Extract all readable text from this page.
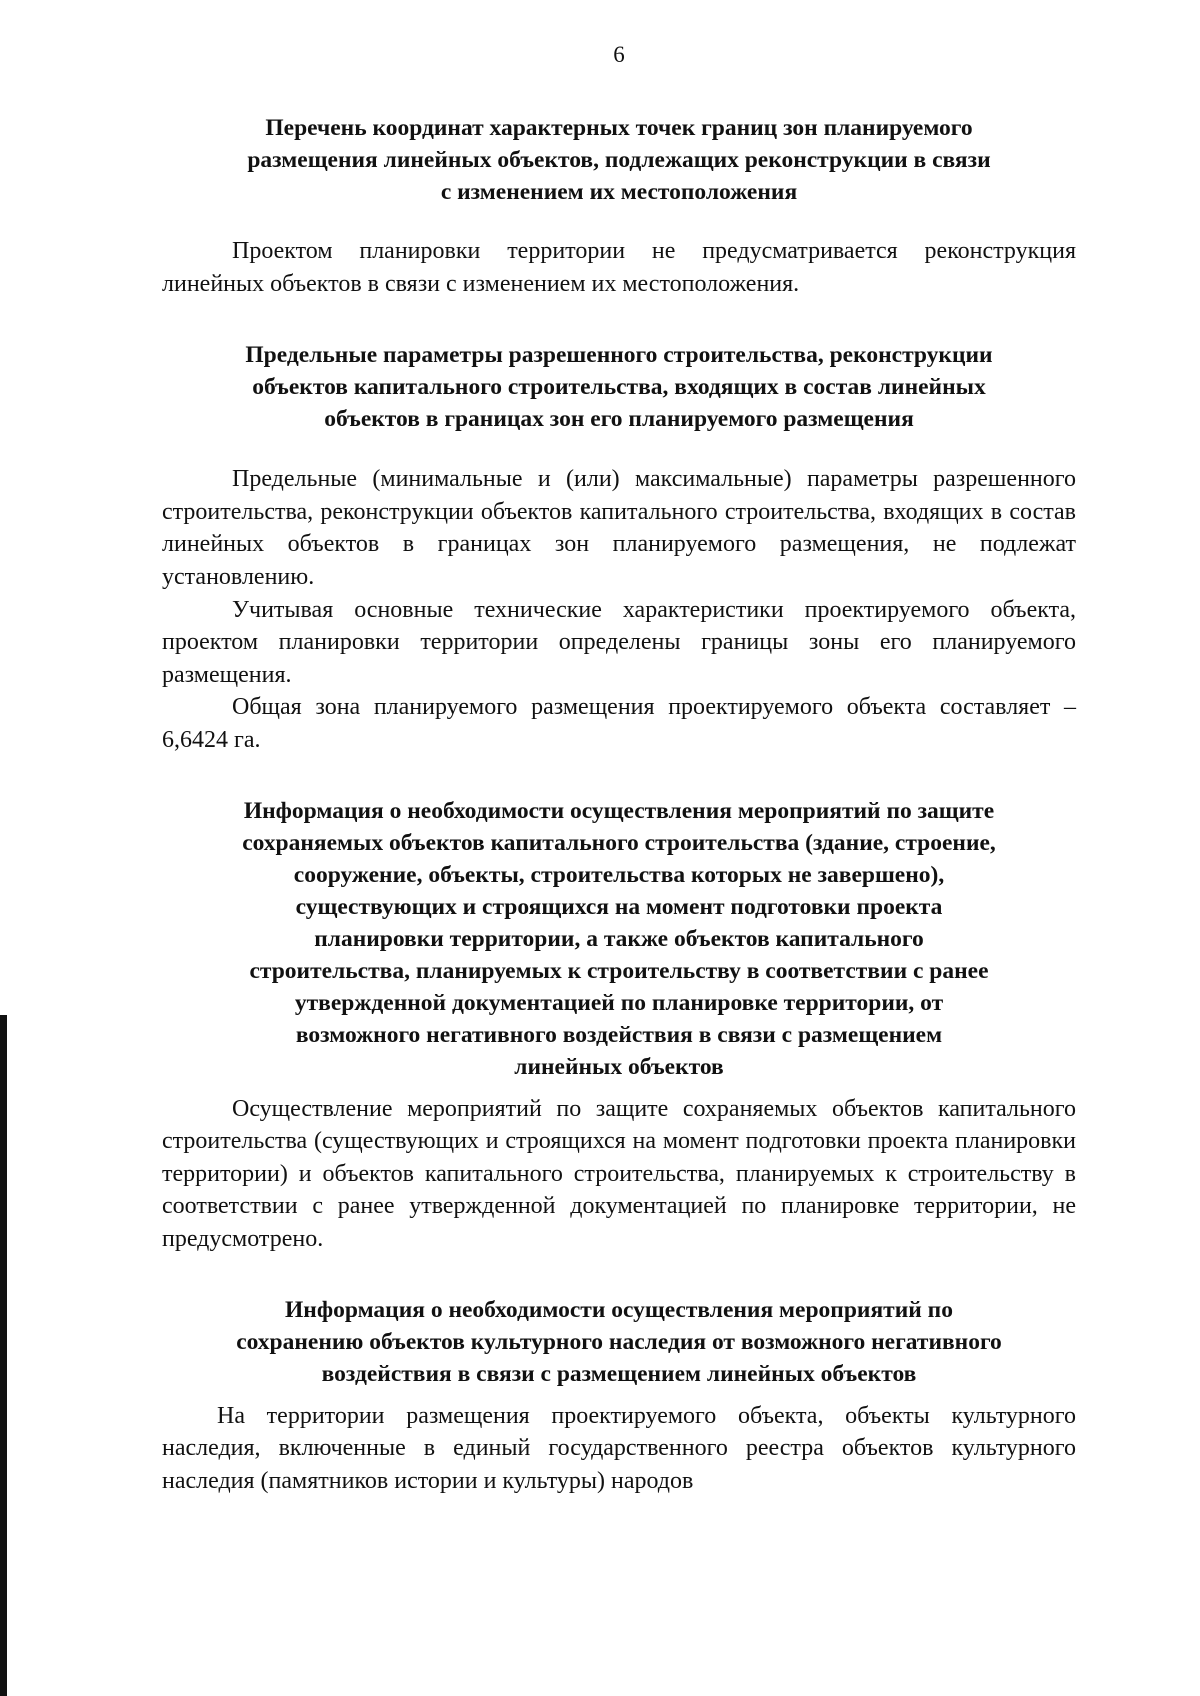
6
Перечень координат характерных точек границ зон планируемого
размещения линейных объектов, подлежащих реконструкции в связи
с изменением их местоположения

Проектом планировки территории не предусматривается реконструкция линейных объектов в связи с изменением их местоположения.

Предельные параметры разрешенного строительства, реконструкции
объектов капитального строительства, входящих в состав линейных
объектов в границах зон его планируемого размещения

Предельные (минимальные и (или) максимальные) параметры разрешенного строительства, реконструкции объектов капитального строительства, входящих в состав линейных объектов в границах зон планируемого размещения, не подлежат установлению.

Учитывая основные технические характеристики проектируемого объекта, проектом планировки территории определены границы зоны его планируемого размещения.

Общая зона планируемого размещения проектируемого объекта составляет – 6,6424 га.

Информация о необходимости осуществления мероприятий по защите
сохраняемых объектов капитального строительства (здание, строение,
сооружение, объекты, строительства которых не завершено),
существующих и строящихся на момент подготовки проекта
планировки территории, а также объектов капитального
строительства, планируемых к строительству в соответствии с ранее
утвержденной документацией по планировке территории, от
возможного негативного воздействия в связи с размещением
линейных объектов

Осуществление мероприятий по защите сохраняемых объектов капитального строительства (существующих и строящихся на момент подготовки проекта планировки территории) и объектов капитального строительства, планируемых к строительству в соответствии с ранее утвержденной документацией по планировке территории, не предусмотрено.

Информация о необходимости осуществления мероприятий по
сохранению объектов культурного наследия от возможного негативного
воздействия в связи с размещением линейных объектов

На территории размещения проектируемого объекта, объекты культурного наследия, включенные в единый государственного реестра объектов культурного наследия (памятников истории и культуры) народов
